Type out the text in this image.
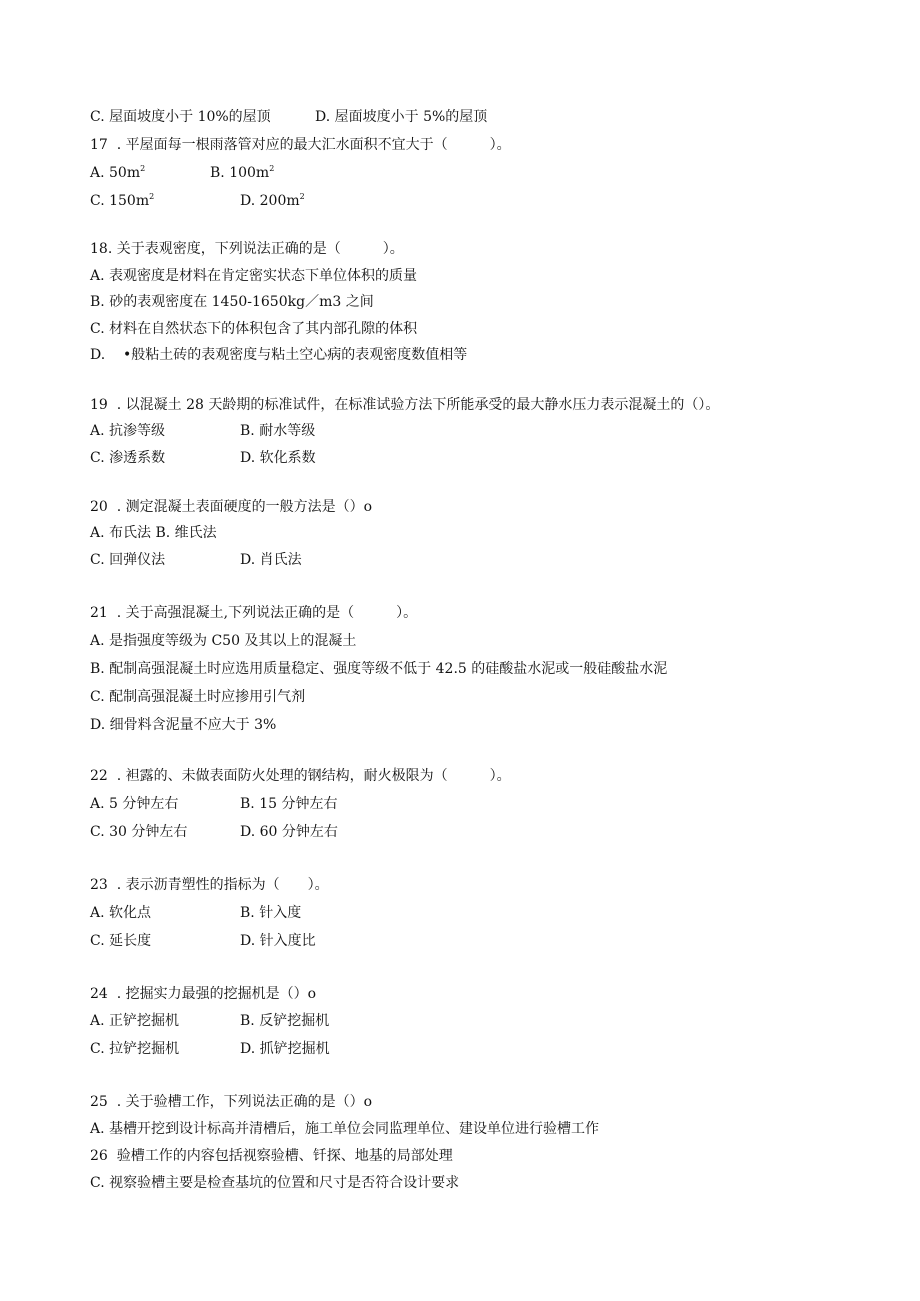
C. 屋面坡度小于 10%的屋顶	D. 屋面坡度小于 5%的屋顶
17  . 平屋面每一根雨落管对应的最大汇水面积不宜大于（　　　）。
A. $50m^2$	B. $100m^2$
C. $150m^2$	D. $200m^2$
18. 关于表观密度，下列说法正确的是（　　　）。
A. 表观密度是材料在肯定密实状态下单位体积的质量
B. 砂的表观密度在 1450-1650kg／m3 之间
C. 材料在自然状态下的体积包含了其内部孔隙的体积
D.    •般粘土砖的表观密度与粘土空心病的表观密度数值相等
19  . 以混凝土 28 天龄期的标准试件，在标准试验方法下所能承受的最大静水压力表示混凝土的（）。
A. 抗渗等级	B. 耐水等级
C. 渗透系数	D. 软化系数
20  . 测定混凝土表面硬度的一般方法是（）o
A. 布氏法 B. 维氏法
C. 回弹仪法	D. 肖氏法
21  . 关于高强混凝土,下列说法正确的是（　　　）。
A. 是指强度等级为 C50 及其以上的混凝土
B. 配制高强混凝土时应选用质量稳定、强度等级不低于 42.5 的硅酸盐水泥或一般硅酸盐水泥
C. 配制高强混凝土时应掺用引气剂
D. 细骨料含泥量不应大于 3%
22  . 袒露的、未做表面防火处理的钢结构，耐火极限为（　　　）。
A. 5 分钟左右	B. 15 分钟左右
C. 30 分钟左右	D. 60 分钟左右
23  . 表示沥青塑性的指标为（　　）。
A. 软化点	B. 针入度
C. 延长度	D. 针入度比
24  . 挖掘实力最强的挖掘机是（）o
A. 正铲挖掘机	B. 反铲挖掘机
C. 拉铲挖掘机	D. 抓铲挖掘机
25  . 关于验槽工作，下列说法正确的是（）o
A. 基槽开挖到设计标高并清槽后，施工单位会同监理单位、建设单位进行验槽工作
26  验槽工作的内容包括视察验槽、钎探、地基的局部处理
C. 视察验槽主要是检查基坑的位置和尺寸是否符合设计要求
